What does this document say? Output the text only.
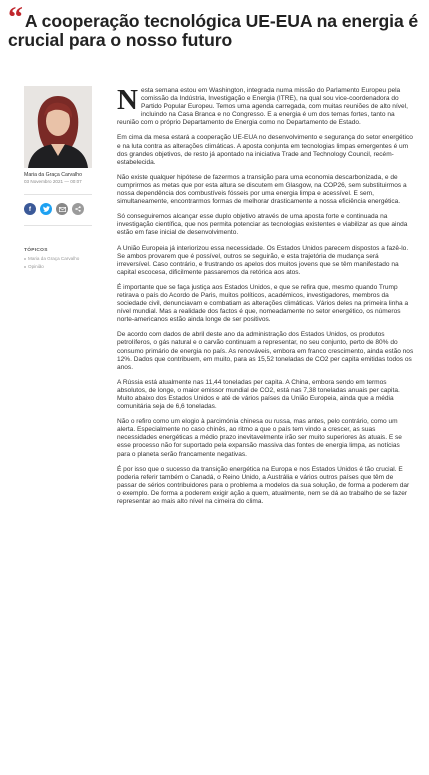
“ A cooperação tecnológica UE-EUA na energia é crucial para o nosso futuro
Maria da Graça Carvalho
03 Novembro 2021 — 00:07
f
TÓPICOS
Maria da Graça Carvalho
Opinião

Nesta semana estou em Washington, integrada numa missão do Parlamento Europeu pela comissão da Indústria, Investigação e Energia (ITRE), na qual sou vice-coordenadora do Partido Popular Europeu. Temos uma agenda carregada, com muitas reuniões de alto nível, incluindo na Casa Branca e no Congresso. E a energia é um dos temas fortes, tanto na reunião com o próprio Departamento de Energia como no Departamento de Estado.

Em cima da mesa estará a cooperação UE-EUA no desenvolvimento e segurança do setor energético e na luta contra as alterações climáticas. A aposta conjunta em tecnologias limpas emergentes é um dos grandes objetivos, de resto já apontado na iniciativa Trade and Technology Council, recém-estabelecida.

Não existe qualquer hipótese de fazermos a transição para uma economia descarbonizada, e de cumprirmos as metas que por esta altura se discutem em Glasgow, na COP26, sem substituirmos a nossa dependência dos combustíveis fósseis por uma energia limpa e acessível. E sem, simultaneamente, encontrarmos formas de melhorar drasticamente a nossa eficiência energética.

Só conseguiremos alcançar esse duplo objetivo através de uma aposta forte e continuada na investigação científica, que nos permita potenciar as tecnologias existentes e viabilizar as que ainda estão em fase inicial de desenvolvimento.

A União Europeia já interiorizou essa necessidade. Os Estados Unidos parecem dispostos a fazê-lo. Se ambos provarem que é possível, outros se seguirão, e esta trajetória de mudança será irreversível. Caso contrário, e frustrando os apelos dos muitos jovens que se têm manifestado na capital escocesa, dificilmente passaremos da retórica aos atos.

É importante que se faça justiça aos Estados Unidos, e que se refira que, mesmo quando Trump retirava o país do Acordo de Paris, muitos políticos, académicos, investigadores, membros da sociedade civil, denunciavam e combatiam as alterações climáticas. Vários deles na primeira linha a nível mundial. Mas a realidade dos factos é que, nomeadamente no setor energético, os números norte-americanos estão ainda longe de ser positivos.

De acordo com dados de abril deste ano da administração dos Estados Unidos, os produtos petrolíferos, o gás natural e o carvão continuam a representar, no seu conjunto, perto de 80% do consumo primário de energia no país. As renováveis, embora em franco crescimento, ainda estão nos 12%. Dados que contribuem, em muito, para as 15,52 toneladas de CO2 per capita emitidas todos os anos.

A Rússia está atualmente nas 11,44 toneladas per capita. A China, embora sendo em termos absolutos, de longe, o maior emissor mundial de CO2, está nas 7,38 toneladas anuais per capita. Muito abaixo dos Estados Unidos e até de vários países da União Europeia, ainda que a média comunitária seja de 6,6 toneladas.

Não o refiro como um elogio à parcimónia chinesa ou russa, mas antes, pelo contrário, como um alerta. Especialmente no caso chinês, ao ritmo a que o país tem vindo a crescer, as suas necessidades energéticas a médio prazo inevitavelmente irão ser muito superiores às atuais. E se esse processo não for suportado pela expansão massiva das fontes de energia limpa, as notícias para o planeta serão francamente negativas.

É por isso que o sucesso da transição energética na Europa e nos Estados Unidos é tão crucial. E poderia referir também o Canadá, o Reino Unido, a Austrália e vários outros países que têm de passar de sérios contribuidores para o problema a modelos da sua solução, de forma a poderem dar o exemplo. De forma a poderem exigir ação a quem, atualmente, nem se dá ao trabalho de se fazer representar ao mais alto nível na cimeira do clima.
